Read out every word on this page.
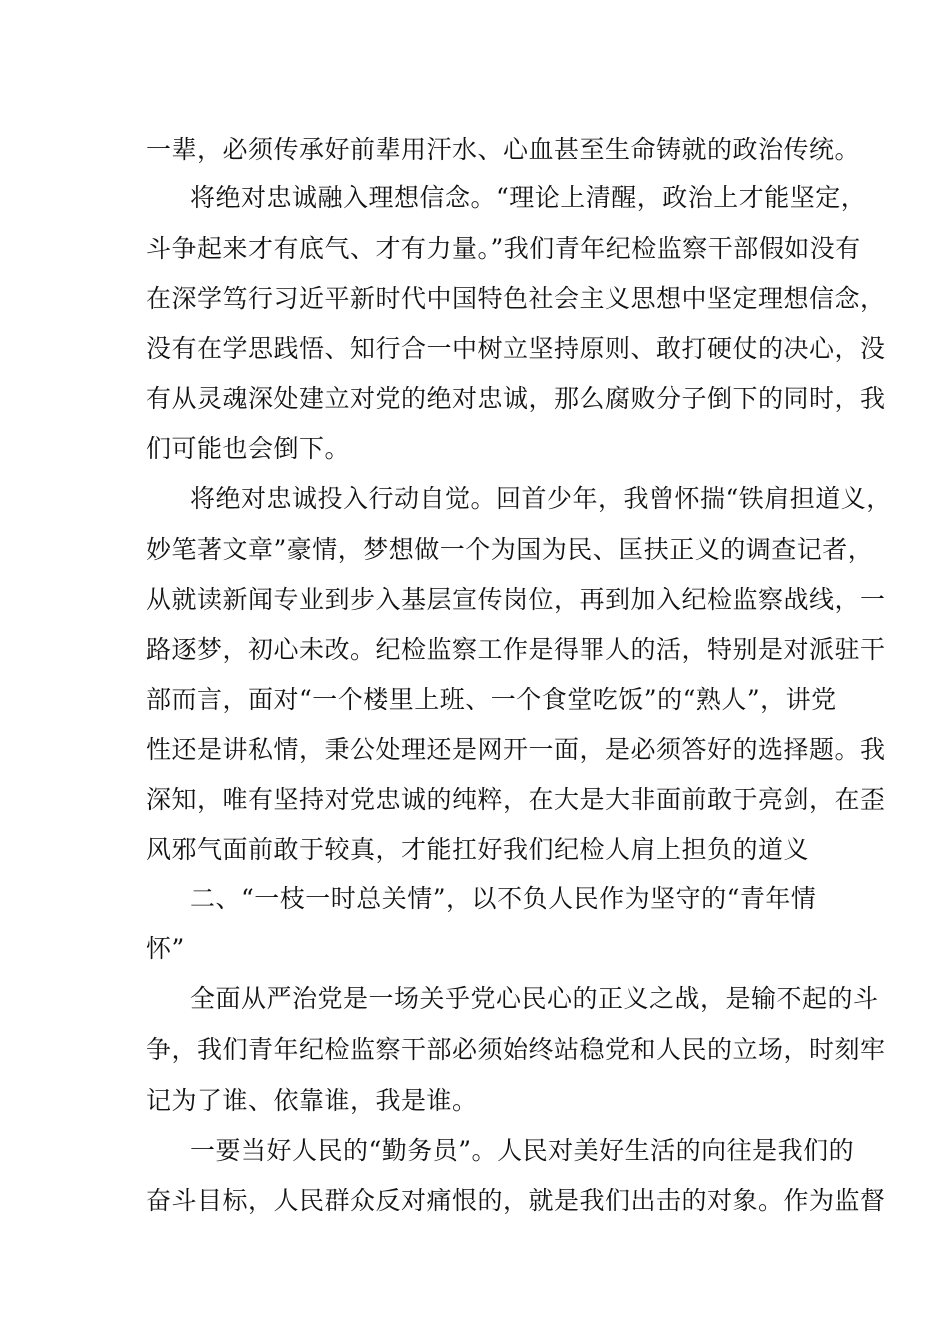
一辈，必须传承好前辈用汗水、心血甚至生命铸就的政治传统。
将绝对忠诚融入理想信念。“理论上清醒，政治上才能坚定，
斗争起来才有底气、才有力量。”我们青年纪检监察干部假如没有
在深学笃行习近平新时代中国特色社会主义思想中坚定理想信念，
没有在学思践悟、知行合一中树立坚持原则、敢打硬仗的决心，没
有从灵魂深处建立对党的绝对忠诚，那么腐败分子倒下的同时，我
们可能也会倒下。
将绝对忠诚投入行动自觉。回首少年，我曾怀揣“铁肩担道义，
妙笔著文章”豪情，梦想做一个为国为民、匡扶正义的调查记者，
从就读新闻专业到步入基层宣传岗位，再到加入纪检监察战线，一
路逐梦，初心未改。纪检监察工作是得罪人的活，特别是对派驻干
部而言，面对“一个楼里上班、一个食堂吃饭”的“熟人”，讲党
性还是讲私情，秉公处理还是网开一面，是必须答好的选择题。我
深知，唯有坚持对党忠诚的纯粹，在大是大非面前敢于亮剑，在歪
风邪气面前敢于较真，才能扛好我们纪检人肩上担负的道义
二、“一枝一时总关情”，以不负人民作为坚守的“青年情
怀”
全面从严治党是一场关乎党心民心的正义之战，是输不起的斗
争，我们青年纪检监察干部必须始终站稳党和人民的立场，时刻牢
记为了谁、依靠谁，我是谁。
一要当好人民的“勤务员”。人民对美好生活的向往是我们的
奋斗目标，人民群众反对痛恨的，就是我们出击的对象。作为监督
